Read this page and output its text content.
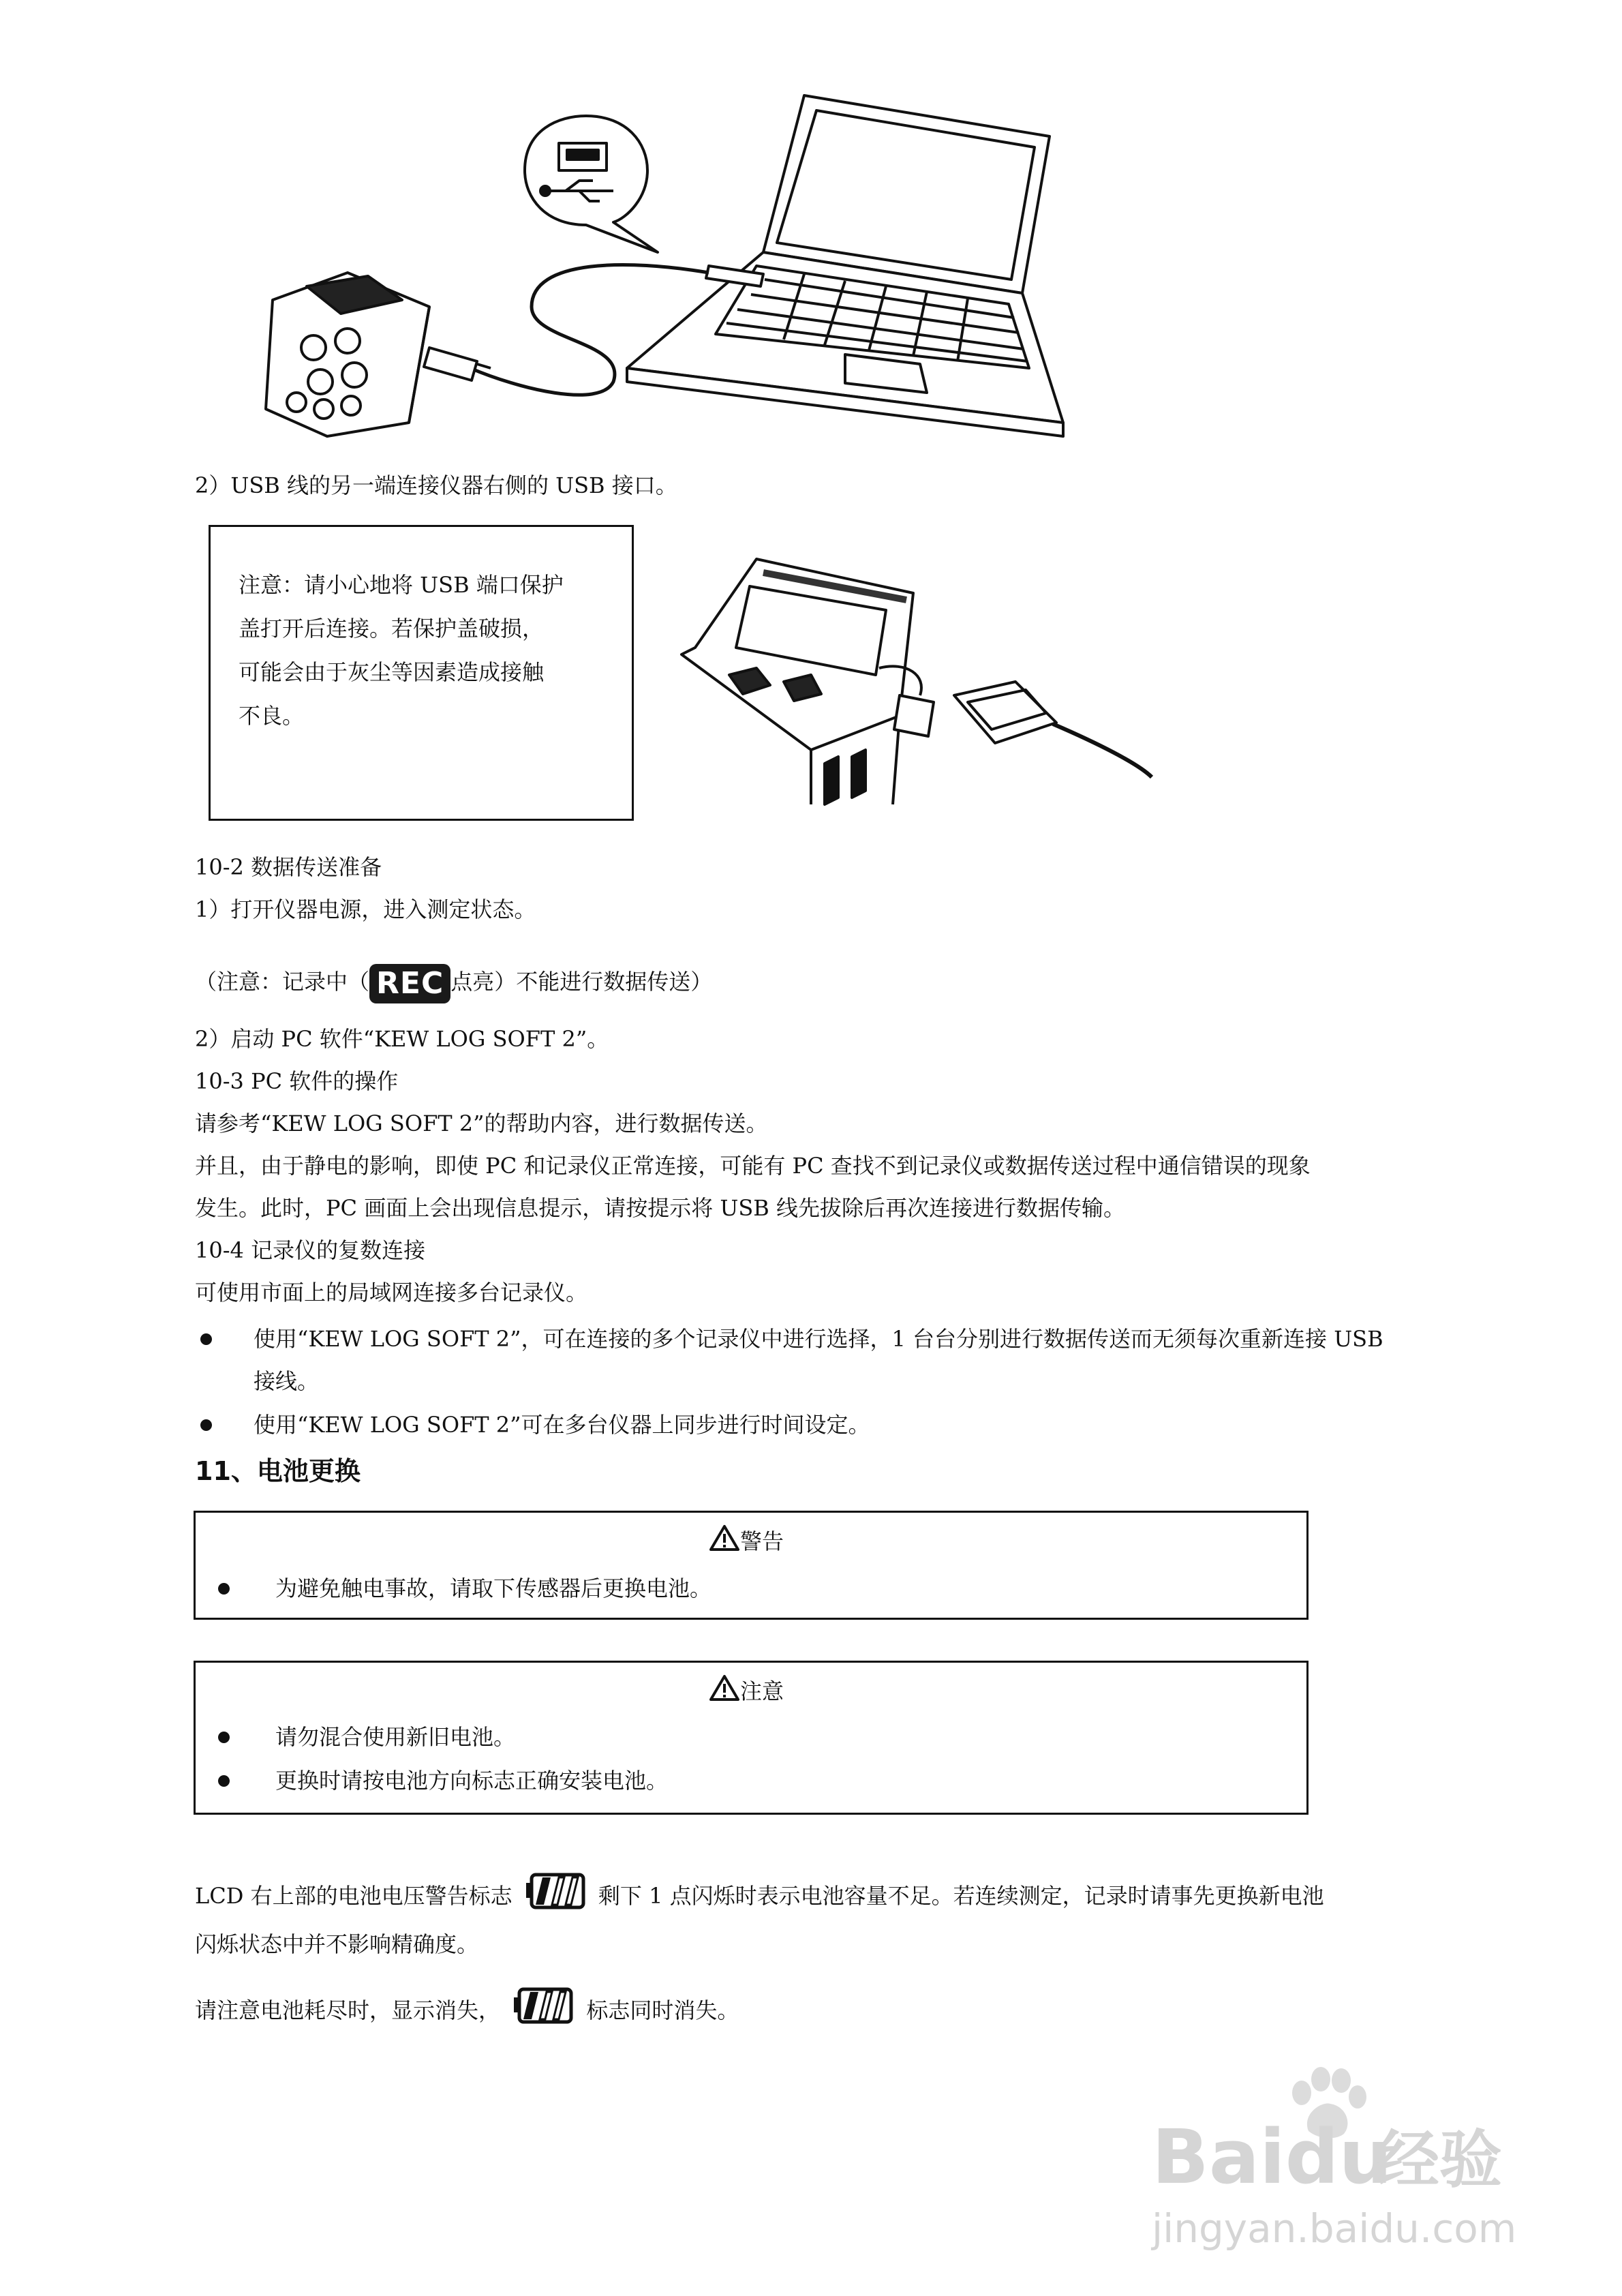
2）USB 线的另一端连接仪器右侧的 USB 接口。
注意：请小心地将 USB 端口保护
盖打开后连接。若保护盖破损，
可能会由于灰尘等因素造成接触
不良。
10-2 数据传送准备
1）打开仪器电源，进入测定状态。
（注意：记录中（ REC 点亮）不能进行数据传送）
2）启动 PC 软件“KEW LOG SOFT 2”。
10-3 PC 软件的操作
请参考“KEW LOG SOFT 2”的帮助内容，进行数据传送。
并且，由于静电的影响，即使 PC 和记录仪正常连接，可能有 PC 查找不到记录仪或数据传送过程中通信错误的现象
发生。此时，PC 画面上会出现信息提示，请按提示将 USB 线先拔除后再次连接进行数据传输。
10-4 记录仪的复数连接
可使用市面上的局域网连接多台记录仪。
使用“KEW LOG SOFT 2”，可在连接的多个记录仪中进行选择，1 台台分别进行数据传送而无须每次重新连接 USB
接线。
使用“KEW LOG SOFT 2”可在多台仪器上同步进行时间设定。
11、电池更换
警告
为避免触电事故，请取下传感器后更换电池。
注意
请勿混合使用新旧电池。
更换时请按电池方向标志正确安装电池。
LCD 右上部的电池电压警告标志	剩下 1 点闪烁时表示电池容量不足。若连续测定，记录时请事先更换新电池
闪烁状态中并不影响精确度。
请注意电池耗尽时，显示消失，	标志同时消失。
Baidu
经验
jingyan.baidu.com
